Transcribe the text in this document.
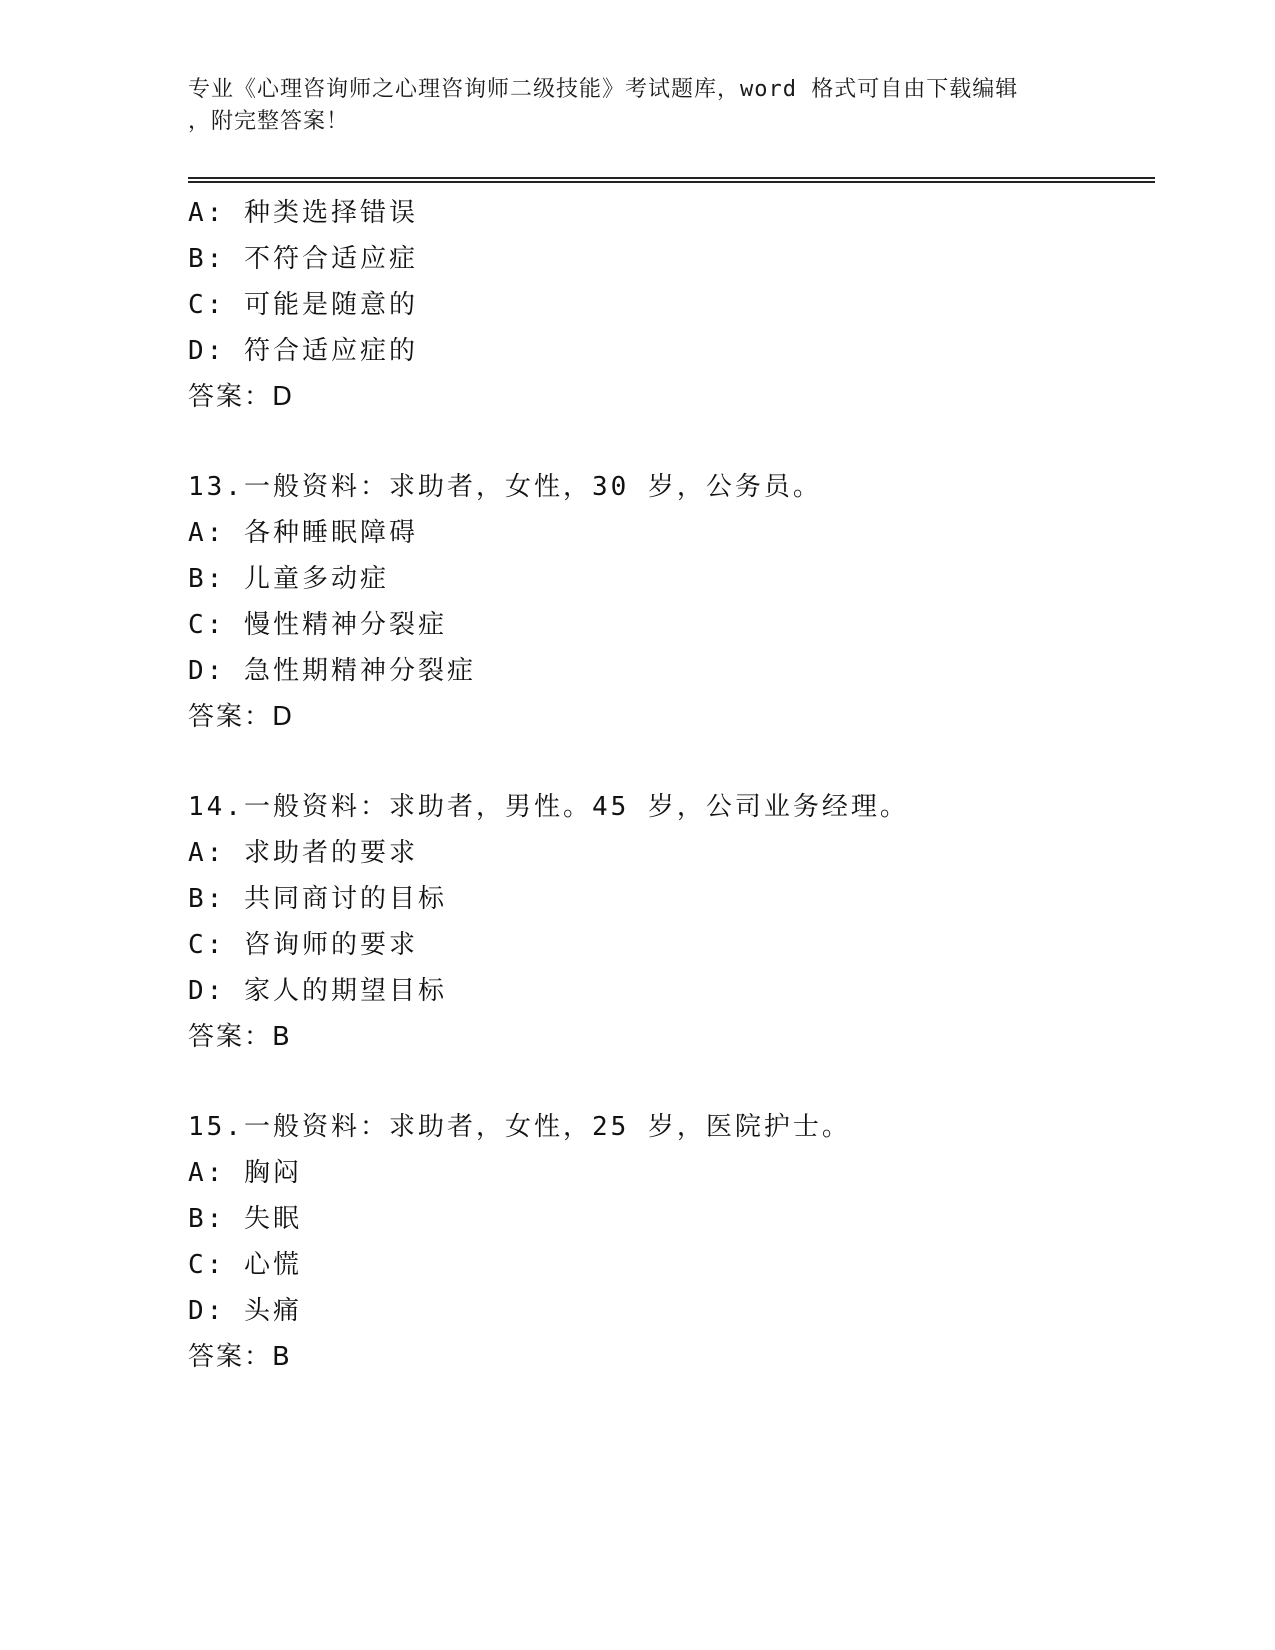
专业《心理咨询师之心理咨询师二级技能》考试题库，word 格式可自由下载编辑
，附完整答案！
A: 种类选择错误
B: 不符合适应症
C: 可能是随意的
D: 符合适应症的
答案：D
13.一般资料：求助者，女性，30 岁，公务员。
A: 各种睡眠障碍
B: 儿童多动症
C: 慢性精神分裂症
D: 急性期精神分裂症
答案：D
14.一般资料：求助者，男性。45 岁，公司业务经理。
A: 求助者的要求
B: 共同商讨的目标
C: 咨询师的要求
D: 家人的期望目标
答案：B
15.一般资料：求助者，女性，25 岁，医院护士。
A: 胸闷
B: 失眠
C: 心慌
D: 头痛
答案：B
